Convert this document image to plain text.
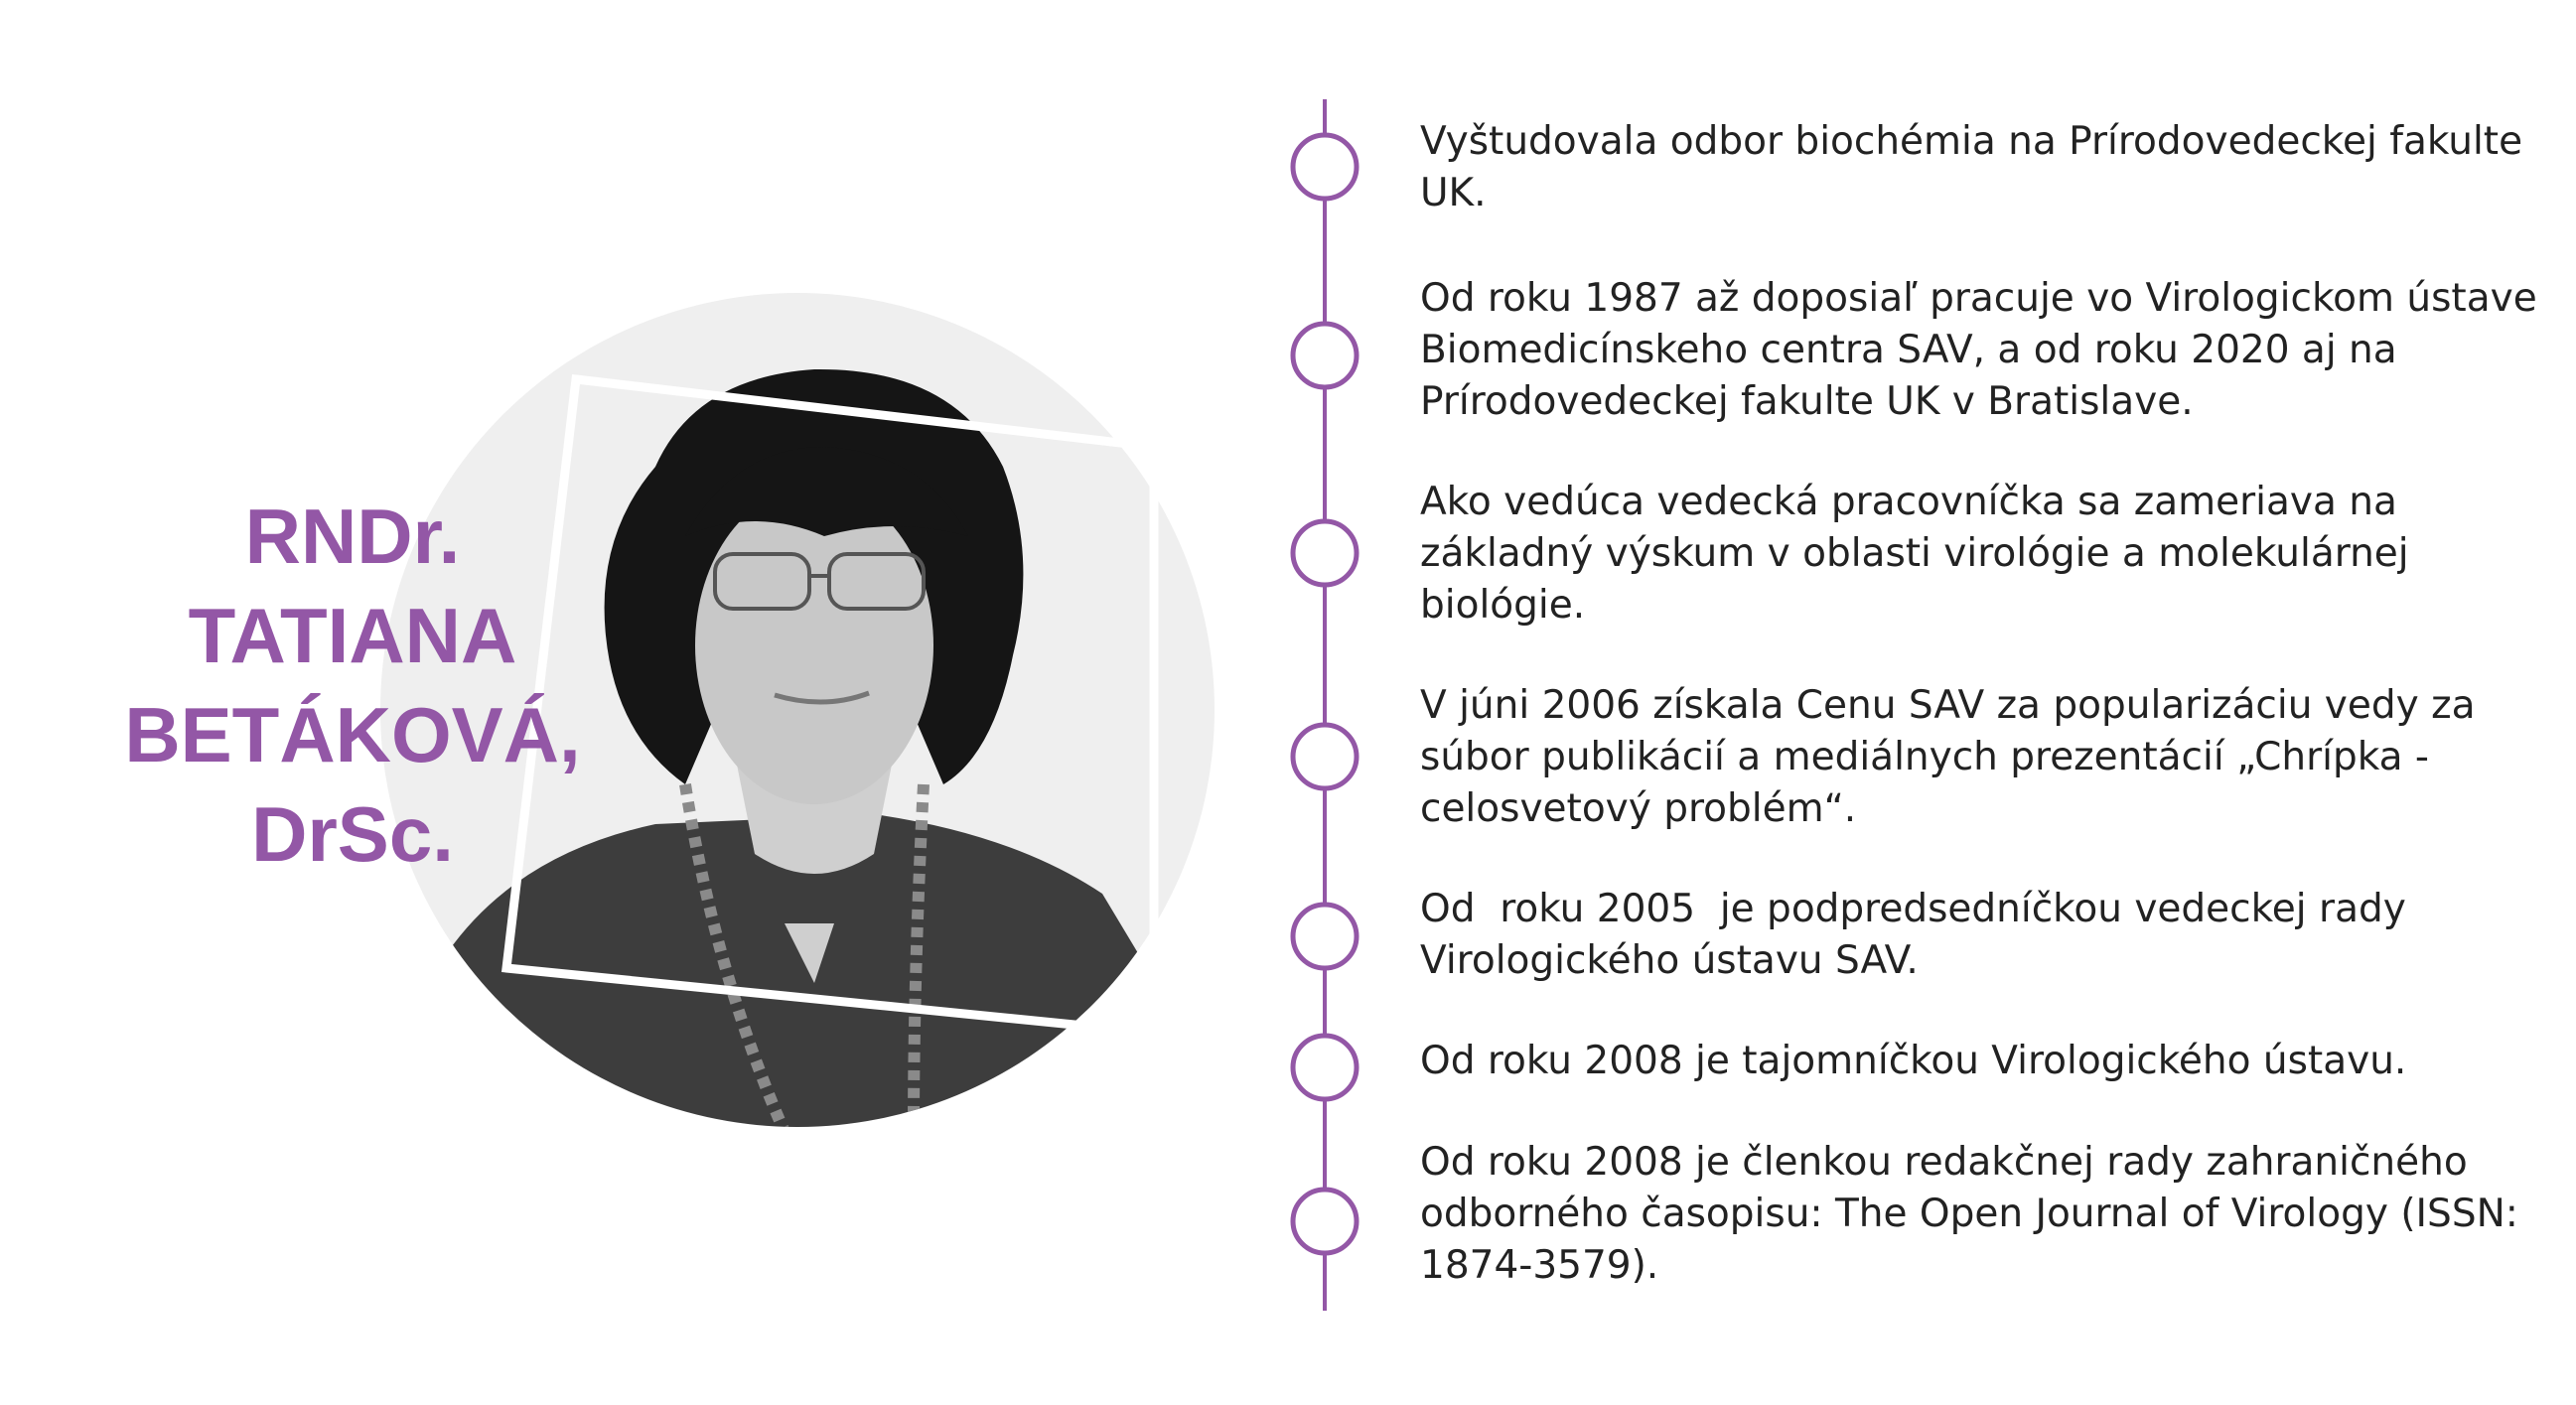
RNDr.
TATIANA
BETÁKOVÁ,
DrSc.
Vyštudovala odbor biochémia na Prírodovedeckej fakulte UK.
Od roku 1987 až doposiaľ pracuje vo Virologickom ústave Biomedicínskeho centra SAV, a od roku 2020 aj na Prírodovedeckej fakulte UK v Bratislave.
Ako vedúca vedecká pracovníčka sa zameriava na základný výskum v oblasti virológie a molekulárnej biológie.
V júni 2006 získala Cenu SAV za popularizáciu vedy za súbor publikácií a mediálnych prezentácií „Chrípka - celosvetový problém“.
Od  roku 2005  je podpredsedníčkou vedeckej rady Virologického ústavu SAV.
Od roku 2008 je tajomníčkou Virologického ústavu.
Od roku 2008 je členkou redakčnej rady zahraničného odborného časopisu: The Open Journal of Virology (ISSN: 1874-3579).
